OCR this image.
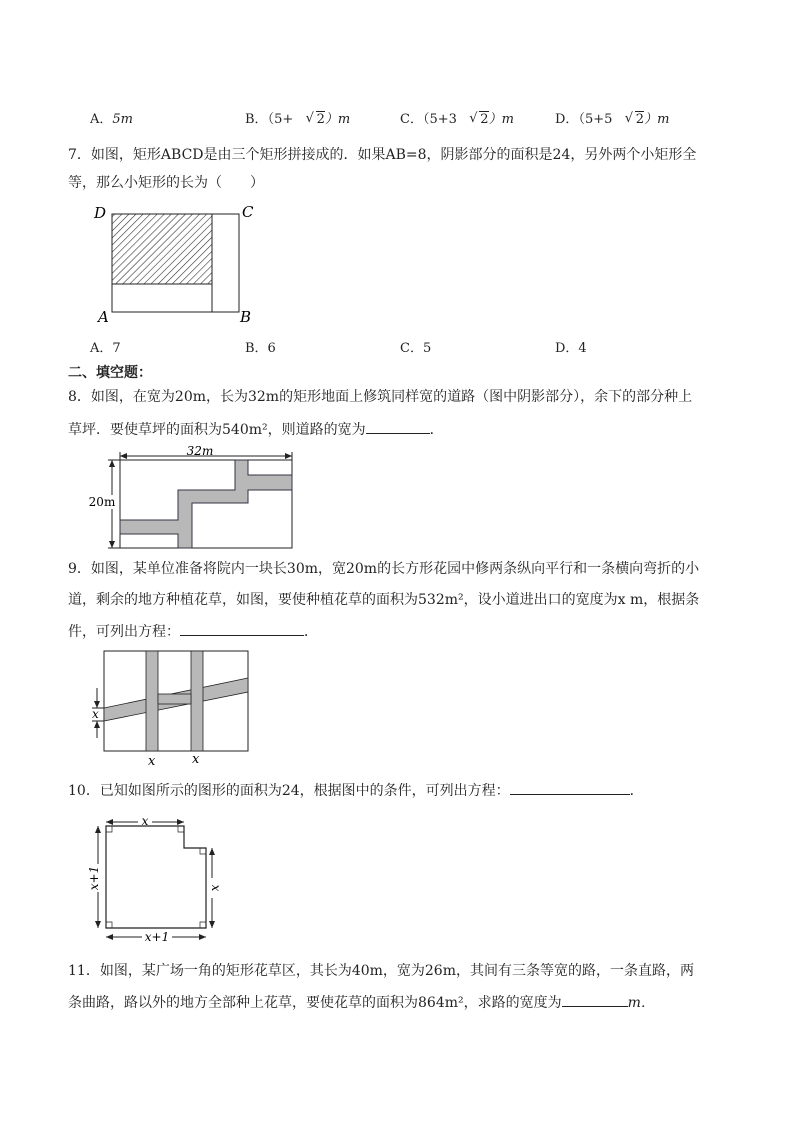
A．5m	B．（5+ √ 2）m	C．（5+3 √ 2）m	D．（5+5 √ 2）m
7．如图，矩形ABCD是由三个矩形拼接成的．如果AB=8，阴影部分的面积是24，另外两个小矩形全
等，那么小矩形的长为（　　）
D	C
A	B
A．7	B．6	C．5	D．4
二、填空题：
8．如图，在宽为20m，长为32m的矩形地面上修筑同样宽的道路（图中阴影部分），余下的部分种上
草坪．要使草坪的面积为540m²，则道路的宽为	．
32m
20m
9．如图，某单位准备将院内一块长30m，宽20m的长方形花园中修两条纵向平行和一条横向弯折的小
道，剩余的地方种植花草，如图，要使种植花草的面积为532m²，设小道进出口的宽度为x m，根据条
件，可列出方程：	．
x
x	x
10．已知如图所示的图形的面积为24，根据图中的条件，可列出方程：	．
x
x+1	x
x+1
11．如图，某广场一角的矩形花草区，其长为40m，宽为26m，其间有三条等宽的路，一条直路，两
条曲路，路以外的地方全部种上花草，要使花草的面积为864m²，求路的宽度为	m．
